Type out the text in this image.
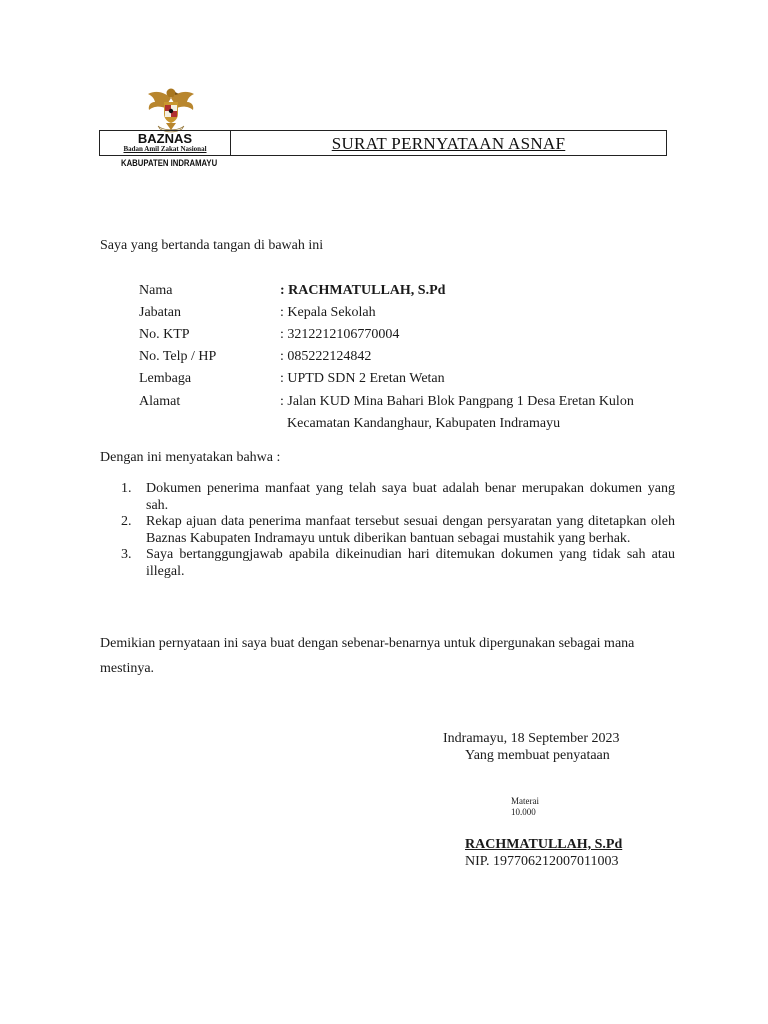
BAZNAS
Badan Amil Zakat Nasional	SURAT PERNYATAAN ASNAF
KABUPATEN INDRAMAYU
Saya yang bertanda tangan di bawah ini
Nama	: RACHMATULLAH, S.Pd
Jabatan	: Kepala Sekolah
No. KTP	: 3212212106770004
No. Telp / HP	: 085222124842
Lembaga	: UPTD SDN 2 Eretan Wetan
Alamat	: Jalan KUD Mina Bahari Blok Pangpang 1 Desa Eretan Kulon
Kecamatan Kandanghaur, Kabupaten Indramayu
Dengan ini menyatakan bahwa :
1. Dokumen penerima manfaat yang telah saya buat adalah benar merupakan dokumen yang sah.
2. Rekap ajuan data penerima manfaat tersebut sesuai dengan persyaratan yang ditetapkan oleh Baznas Kabupaten Indramayu untuk diberikan bantuan sebagai mustahik yang berhak.
3. Saya bertanggungjawab apabila dikeinudian hari ditemukan dokumen yang tidak sah atau illegal.
Demikian pernyataan ini saya buat dengan sebenar-benarnya untuk dipergunakan sebagai mana mestinya.
Indramayu, 18 September 2023
Yang membuat penyataan
Materai
10.000
RACHMATULLAH, S.Pd
NIP. 197706212007011003
